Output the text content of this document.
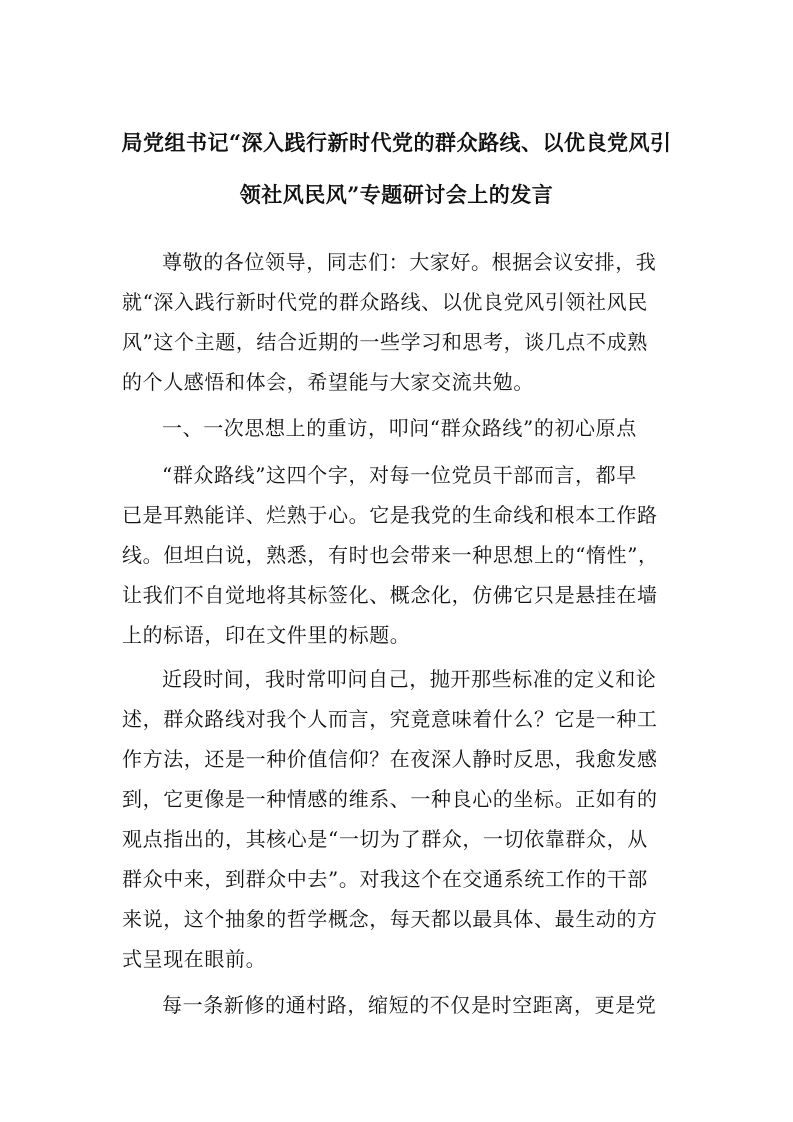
局党组书记“深入践行新时代党的群众路线、以优良党风引
领社风民风”专题研讨会上的发言
尊敬的各位领导，同志们：大家好。根据会议安排，我
就“深入践行新时代党的群众路线、以优良党风引领社风民
风”这个主题，结合近期的一些学习和思考，谈几点不成熟
的个人感悟和体会，希望能与大家交流共勉。
一、一次思想上的重访，叩问“群众路线”的初心原点
“群众路线”这四个字，对每一位党员干部而言，都早
已是耳熟能详、烂熟于心。它是我党的生命线和根本工作路
线。但坦白说，熟悉，有时也会带来一种思想上的“惰性”，
让我们不自觉地将其标签化、概念化，仿佛它只是悬挂在墙
上的标语，印在文件里的标题。
近段时间，我时常叩问自己，抛开那些标准的定义和论
述，群众路线对我个人而言，究竟意味着什么？它是一种工
作方法，还是一种价值信仰？在夜深人静时反思，我愈发感
到，它更像是一种情感的维系、一种良心的坐标。正如有的
观点指出的，其核心是“一切为了群众，一切依靠群众，从
群众中来，到群众中去”。对我这个在交通系统工作的干部
来说，这个抽象的哲学概念，每天都以最具体、最生动的方
式呈现在眼前。
每一条新修的通村路，缩短的不仅是时空距离，更是党
